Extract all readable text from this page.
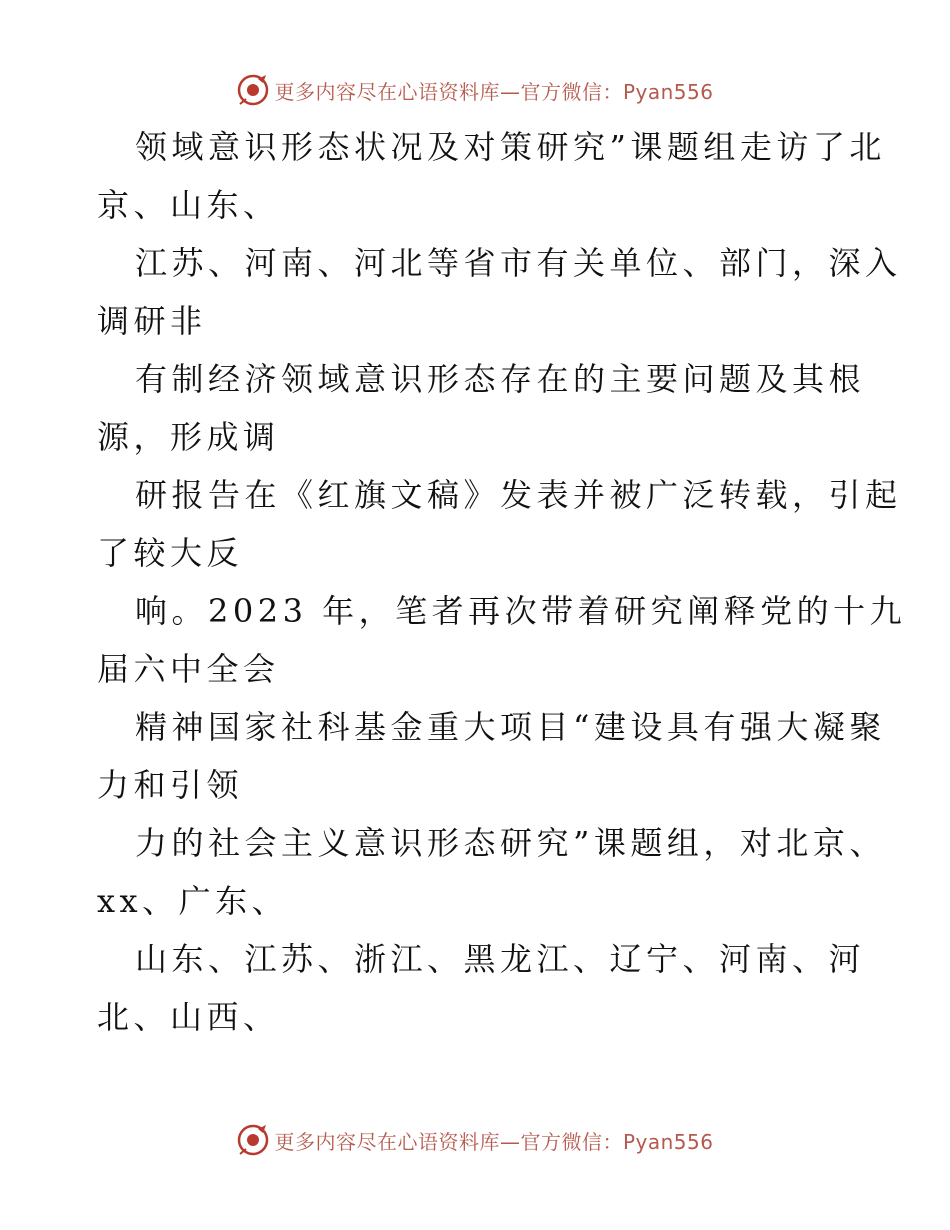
更多内容尽在心语资料库—官方微信：Pyan556
领域意识形态状况及对策研究”课题组走访了北
京、山东、
江苏、河南、河北等省市有关单位、部门，深入
调研非
有制经济领域意识形态存在的主要问题及其根
源，形成调
研报告在《红旗文稿》发表并被广泛转载，引起
了较大反
响。2023 年，笔者再次带着研究阐释党的十九
届六中全会
精神国家社科基金重大项目“建设具有强大凝聚
力和引领
力的社会主义意识形态研究”课题组，对北京、
xx、广东、
山东、江苏、浙江、黑龙江、辽宁、河南、河
北、山西、
更多内容尽在心语资料库—官方微信：Pyan556
